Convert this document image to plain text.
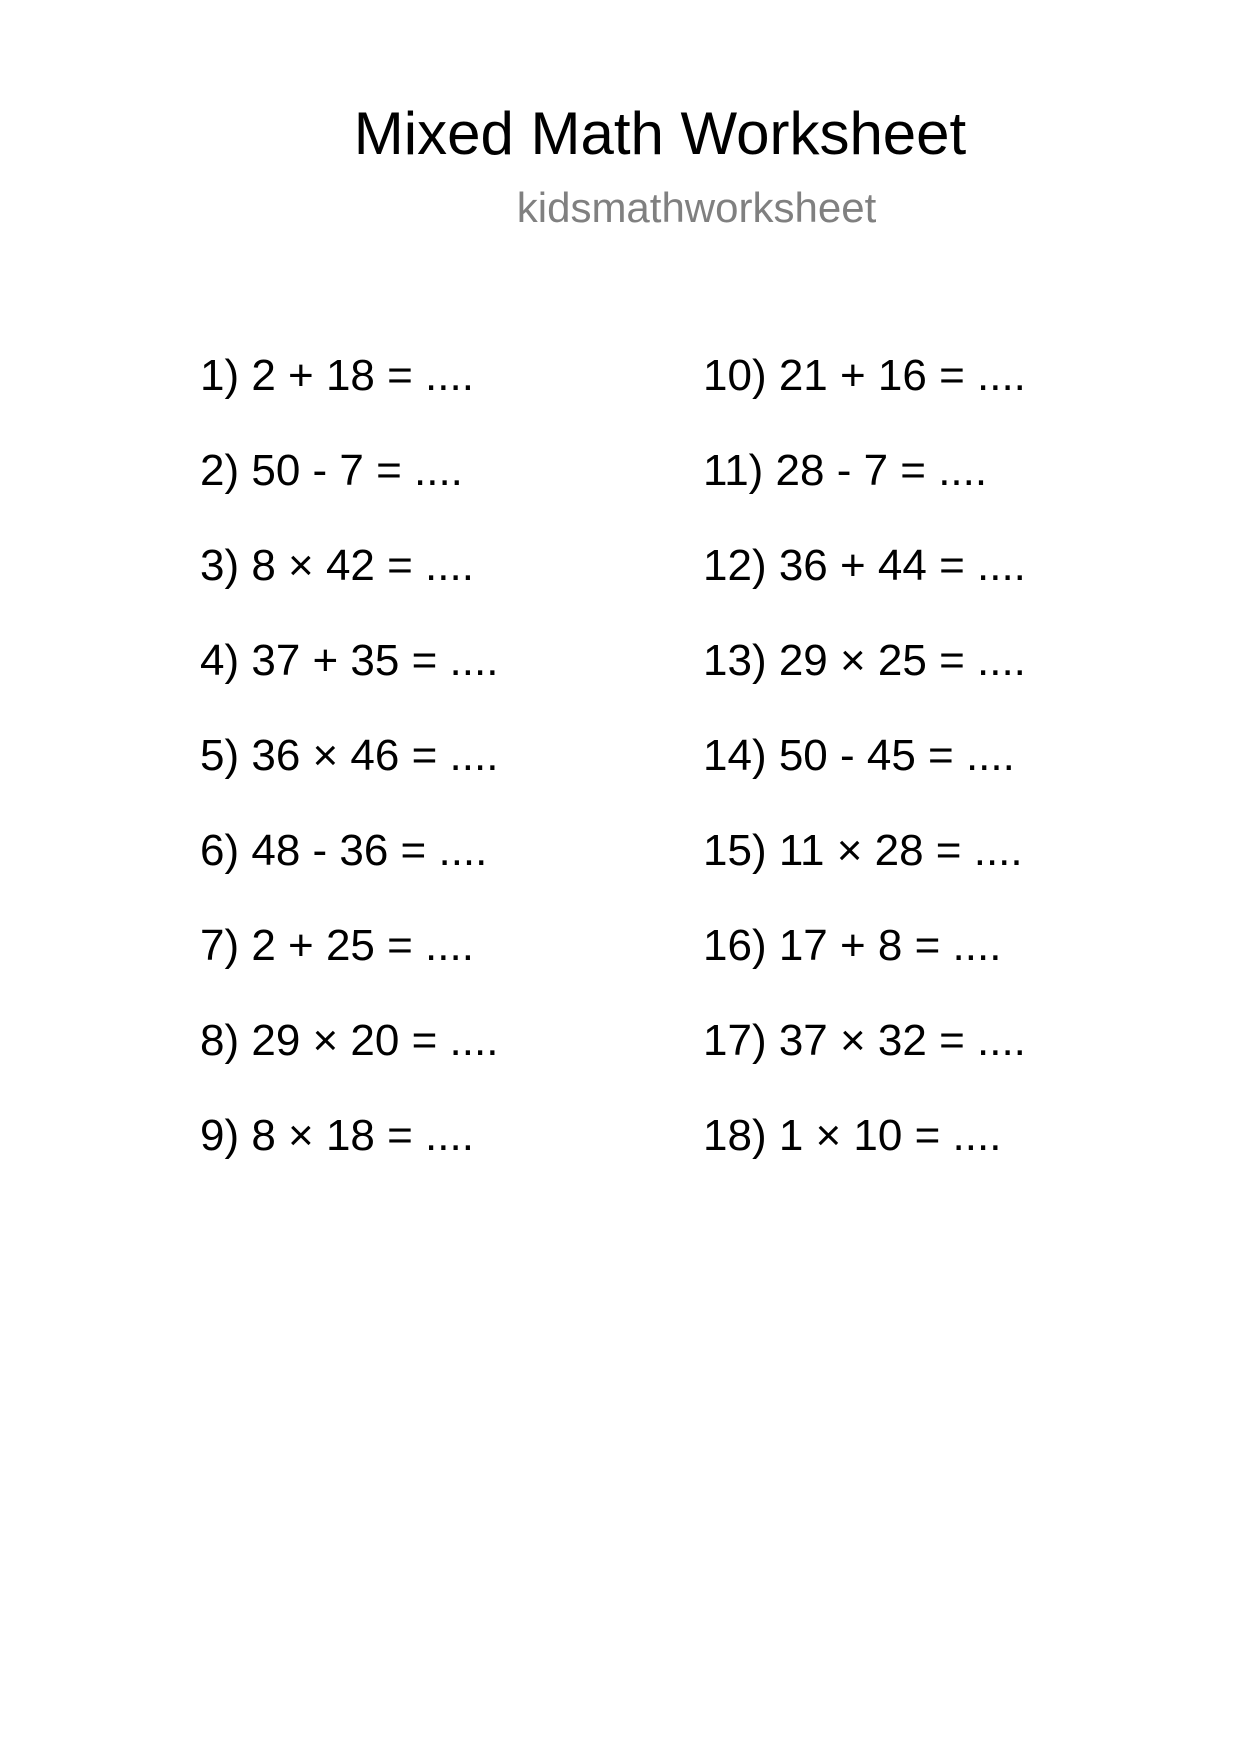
Mixed Math Worksheet
kidsmathworksheet
1) 2 + 18 = ....
2) 50 - 7 = ....
3) 8 × 42 = ....
4) 37 + 35 = ....
5) 36 × 46 = ....
6) 48 - 36 = ....
7) 2 + 25 = ....
8) 29 × 20 = ....
9) 8 × 18 = ....
10) 21 + 16 = ....
11) 28 - 7 = ....
12) 36 + 44 = ....
13) 29 × 25 = ....
14) 50 - 45 = ....
15) 11 × 28 = ....
16) 17 + 8 = ....
17) 37 × 32 = ....
18) 1 × 10 = ....
